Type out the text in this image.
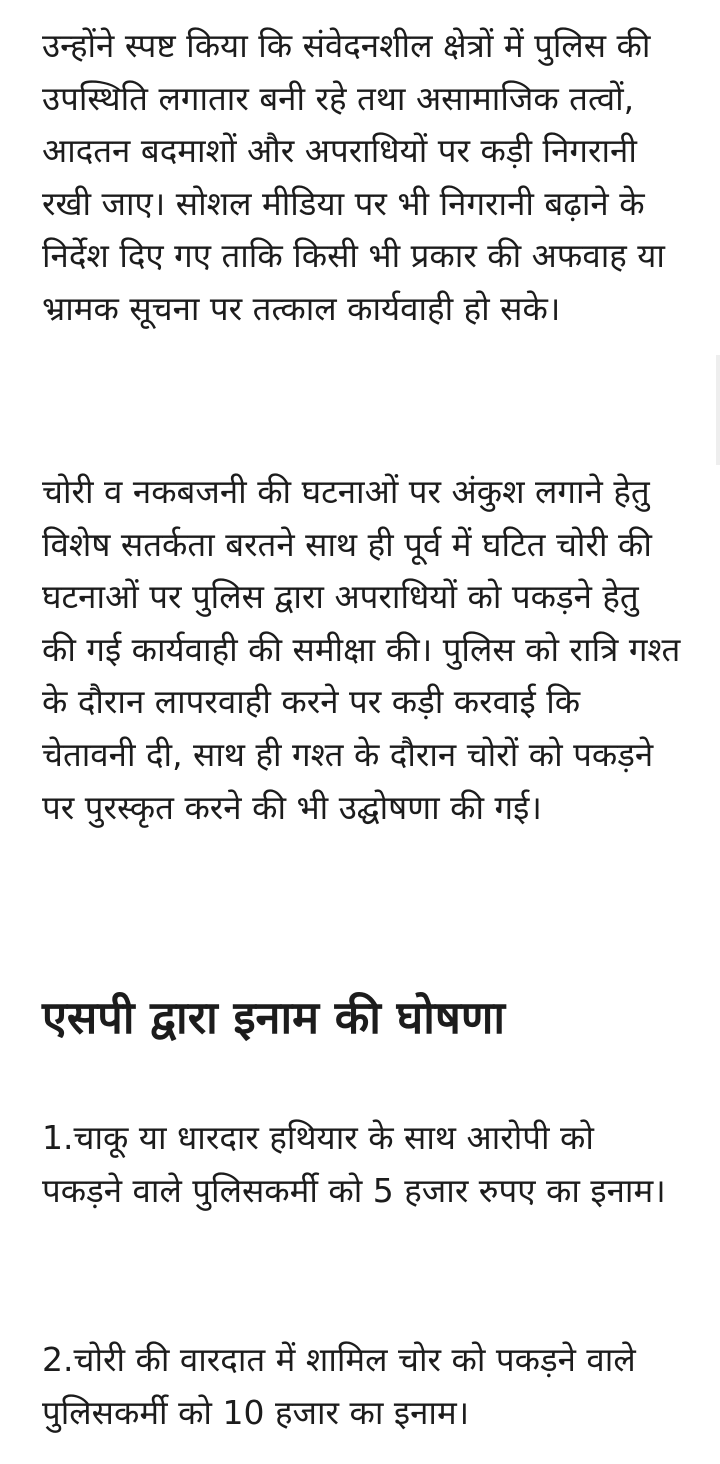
उन्होंने स्पष्ट किया कि संवेदनशील क्षेत्रों में पुलिस की उपस्थिति लगातार बनी रहे तथा असामाजिक तत्वों, आदतन बदमाशों और अपराधियों पर कड़ी निगरानी रखी जाए। सोशल मीडिया पर भी निगरानी बढ़ाने के निर्देश दिए गए ताकि किसी भी प्रकार की अफवाह या भ्रामक सूचना पर तत्काल कार्यवाही हो सके।

चोरी व नकबजनी की घटनाओं पर अंकुश लगाने हेतु विशेष सतर्कता बरतने साथ ही पूर्व में घटित चोरी की घटनाओं पर पुलिस द्वारा अपराधियों को पकड़ने हेतु की गई कार्यवाही की समीक्षा की। पुलिस को रात्रि गश्त के दौरान लापरवाही करने पर कड़ी करवाई कि चेतावनी दी, साथ ही गश्त के दौरान चोरों को पकड़ने पर पुरस्कृत करने की भी उद्घोषणा की गई।

एसपी द्वारा इनाम की घोषणा

1.चाकू या धारदार हथियार के साथ आरोपी को पकड़ने वाले पुलिसकर्मी को 5 हजार रुपए का इनाम।

2.चोरी की वारदात में शामिल चोर को पकड़ने वाले पुलिसकर्मी को 10 हजार का इनाम।
